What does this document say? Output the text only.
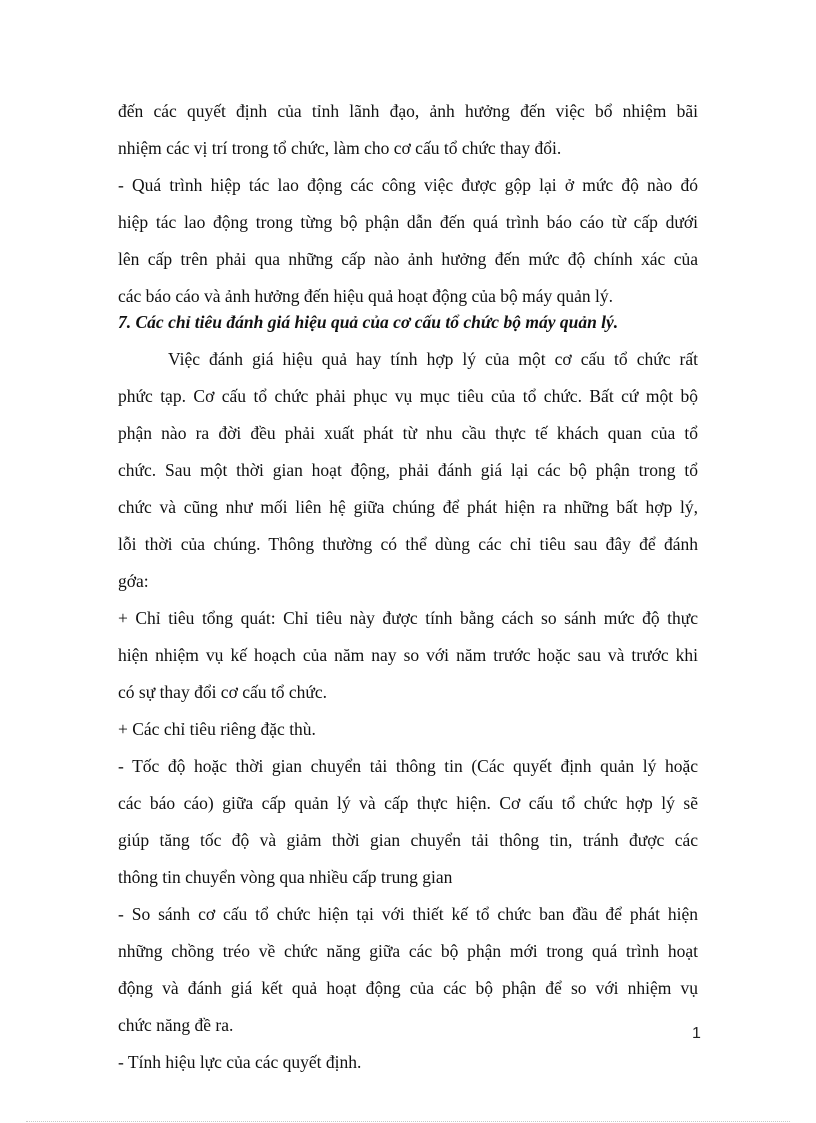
đến các quyết định của tỉnh lãnh đạo, ảnh hưởng đến việc bổ nhiệm bãi
nhiệm các vị trí trong tổ chức, làm cho cơ cấu tổ chức thay đổi.
- Quá trình hiệp tác lao động các công việc được gộp lại ở mức độ nào đó
hiệp tác lao động trong từng bộ phận dẫn đến quá trình báo cáo từ cấp dưới
lên cấp trên phải qua những cấp nào ảnh hưởng đến mức độ chính xác của
các báo cáo và ảnh hưởng đến hiệu quả hoạt động của bộ máy quản lý.
7. Các chỉ tiêu đánh giá hiệu quả của cơ cấu tổ chức bộ máy quản lý.
Việc đánh giá hiệu quả hay tính hợp lý của một cơ cấu tổ chức rất
phức tạp. Cơ cấu tổ chức phải phục vụ mục tiêu của tổ chức. Bất cứ một bộ
phận nào ra đời đều phải xuất phát từ nhu cầu thực tế khách quan của tổ
chức. Sau một thời gian hoạt động, phải đánh giá lại các bộ phận trong tổ
chức và cũng như mối liên hệ giữa chúng để phát hiện ra những bất hợp lý,
lỗi thời của chúng. Thông thường có thể dùng các chỉ tiêu sau đây để đánh
gớa:
+ Chỉ tiêu tổng quát: Chỉ tiêu này được tính bằng cách so sánh mức độ thực
hiện nhiệm vụ kế hoạch của năm nay so với năm trước hoặc sau và trước khi
có sự thay đổi cơ cấu tổ chức.
+ Các chỉ tiêu riêng đặc thù.
- Tốc độ hoặc thời gian chuyển tải thông tin (Các quyết định quản lý hoặc
các báo cáo) giữa cấp quản lý và cấp thực hiện. Cơ cấu tổ chức hợp lý sẽ
giúp tăng tốc độ và giảm thời gian chuyển tải thông tin, tránh được các
thông tin chuyển vòng qua nhiều cấp trung gian
- So sánh cơ cấu tổ chức hiện tại với thiết kế tổ chức ban đầu để phát hiện
những chồng tréo về chức năng giữa các bộ phận mới trong quá trình hoạt
động và đánh giá kết quả hoạt động của các bộ phận để so với nhiệm vụ
chức năng đề ra.
- Tính hiệu lực của các quyết định.
1
